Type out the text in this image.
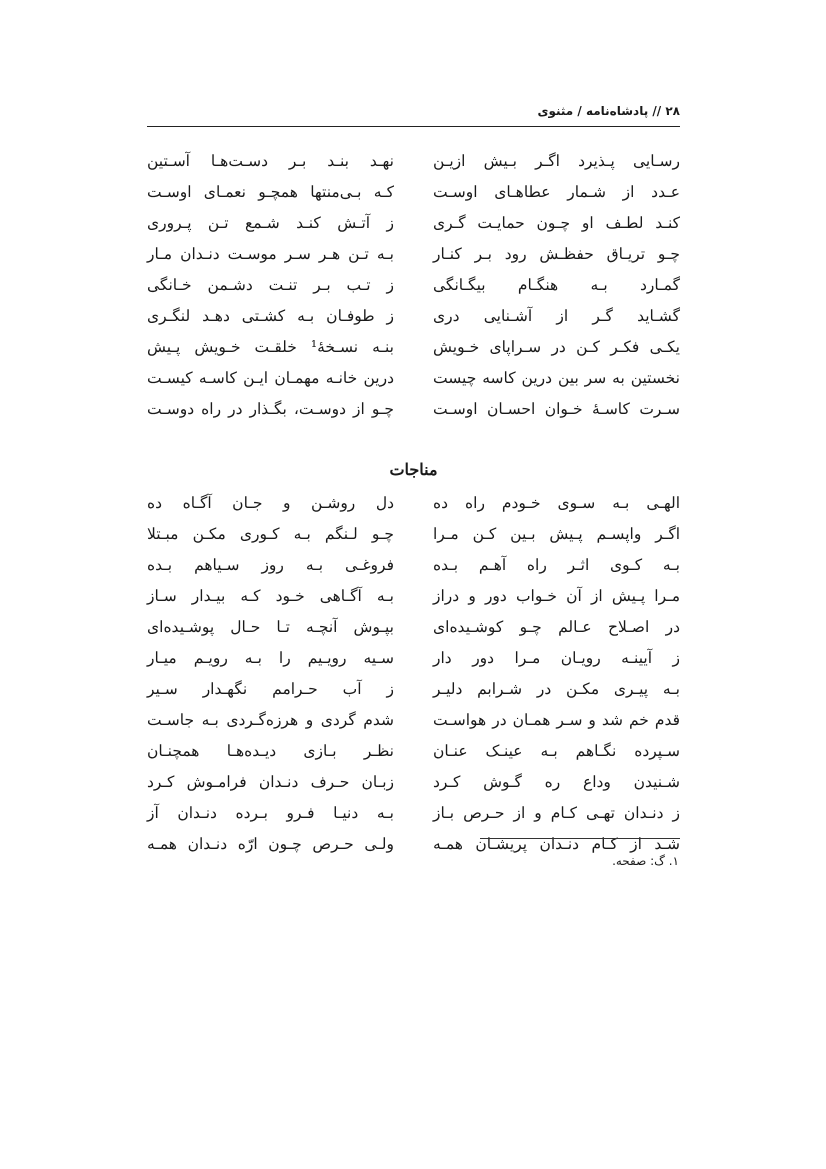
۲۸ // پادشاه‌نامه / مثنوی
رسـایی پـذیرد اگـر بـیش ازیـن
نهـد بنـد بـر دسـت‌هـا آسـتین
عـدد از شـمار عطاهـای اوسـت
کـه بـی‌منتها همچـو نعمـای اوسـت
کنـد لطـف او چـون حمایـت گـری
ز آتـش کنـد شـمع تـن پـروری
چـو تریـاق حفظـش رود بـر کنـار
بـه تـن هـر سـر موسـت دنـدان مـار
گمـارد بـه هنگـام بیگـانگی
ز تـب بـر تنـت دشـمن خـانگی
گشـاید گـر از آشـنایی دری
ز طوفـان بـه کشـتی دهـد لنگـری
یکـی فکـر کـن در سـراپای خـویش
بنـه نسـخهٔ¹ خلقـت خـویش پـیش
نخستین به سر بین درین کاسه چیست
درین خانـه مهمـان ایـن کاسـه کیسـت
سـرت کاسـهٔ خـوان احسـان اوسـت
چـو از دوسـت، بگـذار در راه دوسـت
مناجات
الهـی بـه سـوی خـودم راه ده
دل روشـن و جـان آگـاه ده
اگـر واپسـم پـیش بـین کـن مـرا
چـو لـنگم بـه کـوری مکـن مبـتلا
بـه کـوی اثـر راه آهـم بـده
فروغـی بـه روز سـیاهم بـده
مـرا پـیش از آن خـواب دور و دراز
بـه آگـاهی خـود کـه بیـدار سـاز
در اصـلاح عـالم چـو کوشـیده‌ای
بپـوش آنچـه تـا حـال پوشـیده‌ای
ز آیینـه رویـان مـرا دور دار
سـیه رویـیم را بـه رویـم میـار
بـه پیـری مکـن در شـرابم دلیـر
ز آب حـرامم نگهـدار سـیر
قدم خم شد و سـر همـان در هواسـت
شدم گردی و هرزه‌گـردی بـه جاسـت
سـپرده نگـاهم بـه عینـک عنـان
نظـر بـازی دیـده‌هـا همچنـان
شـنیدن وداع ره گـوش کـرد
زبـان حـرف دنـدان فرامـوش کـرد
ز دنـدان تهـی کـام و از حـرص بـاز
بـه دنیـا فـرو بـرده دنـدان آز
شـد از کـام دنـدان پریشـان همـه
ولـی حـرص چـون ارّه دنـدان همـه
۱. گ: صفحه.
